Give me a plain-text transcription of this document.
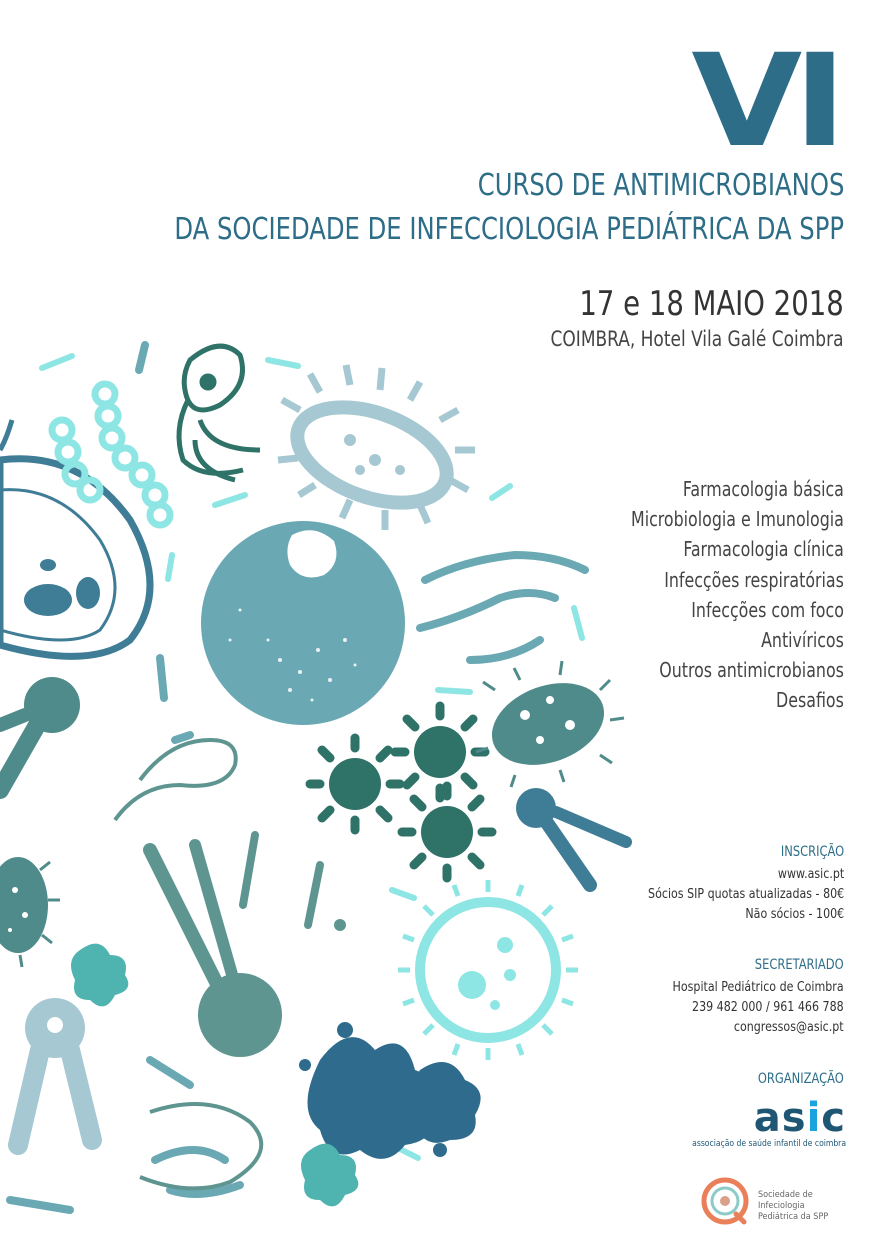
VI
CURSO DE ANTIMICROBIANOS
DA SOCIEDADE DE INFECCIOLOGIA PEDIÁTRICA DA SPP
17 e 18 MAIO 2018
COIMBRA, Hotel Vila Galé Coimbra
Farmacologia básica
Microbiologia e Imunologia
Farmacologia clínica
Infecções respiratórias
Infecções com foco
Antivíricos
Outros antimicrobianos
Desafios
INSCRIÇÃO
www.asic.pt
Sócios SIP quotas atualizadas - 80€
Não sócios - 100€
SECRETARIADO
Hospital Pediátrico de Coimbra
239 482 000 / 961 466 788
congressos@asic.pt
ORGANIZAÇÃO
asic
associação de saúde infantil de coimbra
Sociedade de Infeciologia
Pediátrica da SPP
